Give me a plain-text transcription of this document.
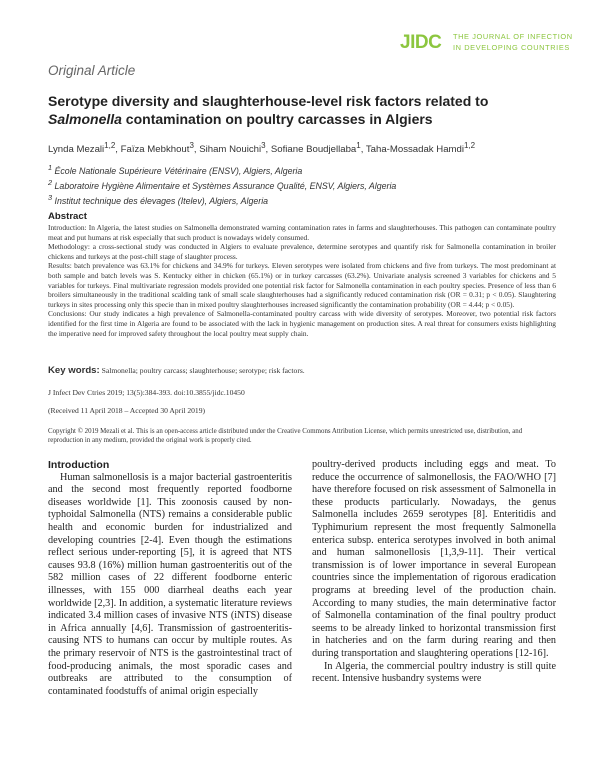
JIDC THE JOURNAL OF INFECTION
IN DEVELOPING COUNTRIES
Original Article
Serotype diversity and slaughterhouse-level risk factors related to
Salmonella contamination on poultry carcasses in Algiers
Lynda Mezali$^{1,2}$, Faïza Mebkhout$^3$, Siham Nouichi$^3$, Sofiane Boudjellaba$^1$, Taha-Mossadak Hamdi$^{1,2}$
$^1$ École Nationale Supérieure Vétérinaire (ENSV), Algiers, Algeria
$^2$ Laboratoire Hygiène Alimentaire et Systèmes Assurance Qualité, ENSV, Algiers, Algeria
$^3$ Institut technique des élevages (Itelev), Algiers, Algeria
Abstract

Introduction: In Algeria, the latest studies on Salmonella demonstrated warning contamination rates in farms and slaughterhouses. This pathogen can contaminate poultry meat and put humans at risk especially that such product is nowadays widely consumed.

Methodology: a cross-sectional study was conducted in Algiers to evaluate prevalence, determine serotypes and quantify risk for Salmonella contamination in broiler chickens and turkeys at the post-chill stage of slaughter process.

Results: batch prevalence was 63.1% for chickens and 34.9% for turkeys. Eleven serotypes were isolated from chickens and five from turkeys. The most predominant at both sample and batch levels was S. Kentucky either in chicken (65.1%) or in turkey carcasses (63.2%). Univariate analysis screened 3 variables for chickens and 5 variables for turkeys. Final multivariate regression models provided one potential risk factor for Salmonella contamination in each poultry species. Presence of less than 6 broilers simultaneously in the traditional scalding tank of small scale slaughterhouses had a significantly reduced contamination risk (OR = 0.31; p < 0.05). Slaughtering turkeys in sites processing only this specie than in mixed poultry slaughterhouses increased significantly the contamination probability (OR = 4.44; p < 0.05).

Conclusions: Our study indicates a high prevalence of Salmonella-contaminated poultry carcass with wide diversity of serotypes. Moreover, two potential risk factors identified for the first time in Algeria are found to be associated with the lack in hygienic management on production sites. A real threat for consumers exists highlighting the imperative need for improved safety throughout the local poultry meat supply chain.

Key words: Salmonella; poultry carcass; slaughterhouse; serotype; risk factors.
J Infect Dev Ctries 2019; 13(5):384-393. doi:10.3855/jidc.10450
(Received 11 April 2018 – Accepted 30 April 2019)
Copyright © 2019 Mezali et al. This is an open-access article distributed under the Creative Commons Attribution License, which permits unrestricted use, distribution, and reproduction in any medium, provided the original work is properly cited.

Introduction

Human salmonellosis is a major bacterial gastroenteritis and the second most frequently reported foodborne diseases worldwide [1]. This zoonosis caused by non-typhoidal Salmonella (NTS) remains a considerable public health and economic burden for industrialized and developing countries [2-4]. Even though the estimations reflect serious under-reporting [5], it is agreed that NTS causes 93.8 (16%) million human gastroenteritis out of the 582 million cases of 22 different foodborne enteric illnesses, with 155 000 diarrheal deaths each year worldwide [2,3]. In addition, a systematic literature reviews indicated 3.4 million cases of invasive NTS (iNTS) disease in Africa annually [4,6]. Transmission of gastroenteritis-causing NTS to humans can occur by multiple routes. As the primary reservoir of NTS is the gastrointestinal tract of food-producing animals, the most sporadic cases and outbreaks are attributed to the consumption of contaminated foodstuffs of animal origin especially

poultry-derived products including eggs and meat. To reduce the occurrence of salmonellosis, the FAO/WHO [7] have therefore focused on risk assessment of Salmonella in these products particularly. Nowadays, the genus Salmonella includes 2659 serotypes [8]. Enteritidis and Typhimurium represent the most frequently Salmonella enterica subsp. enterica serotypes involved in both animal and human salmonellosis [1,3,9-11]. Their vertical transmission is of lower importance in several European countries since the implementation of rigorous eradication programs at breeding level of the production chain. According to many studies, the main determinative factor of Salmonella contamination of the final poultry product seems to be already linked to horizontal transmission first in hatcheries and on the farm during rearing and then during transportation and slaughtering operations [12-16].

In Algeria, the commercial poultry industry is still quite recent. Intensive husbandry systems were
